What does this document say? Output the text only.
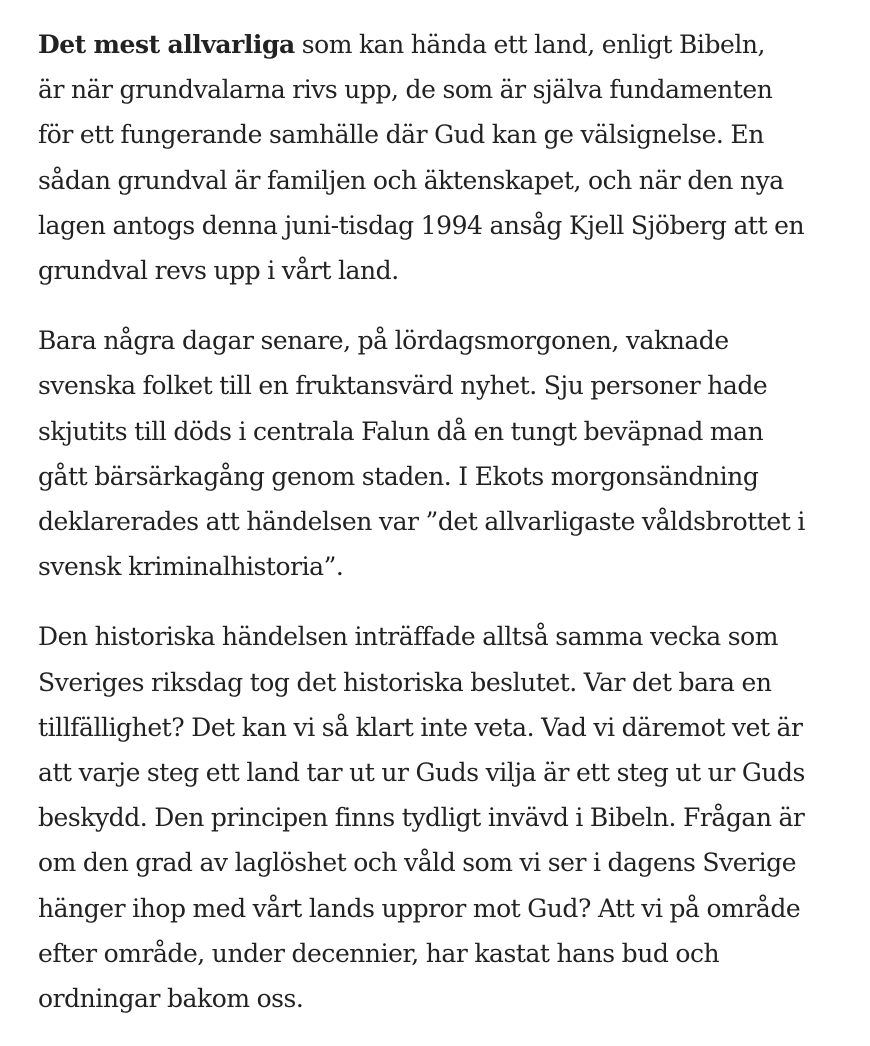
Det mest allvarliga som kan hända ett land, enligt Bibeln,
är när grundvalarna rivs upp, de som är själva fundamenten
för ett fungerande samhälle där Gud kan ge välsignelse. En
sådan grundval är familjen och äktenskapet, och när den nya
lagen antogs denna juni-tisdag 1994 ansåg Kjell Sjöberg att en
grundval revs upp i vårt land.

Bara några dagar senare, på lördagsmorgonen, vaknade
svenska folket till en fruktansvärd nyhet. Sju personer hade
skjutits till döds i centrala Falun då en tungt beväpnad man
gått bärsärkagång genom staden. I Ekots morgonsändning
deklarerades att händelsen var ”det allvarligaste våldsbrottet i
svensk kriminalhistoria”.

Den historiska händelsen inträffade alltså samma vecka som
Sveriges riksdag tog det historiska beslutet. Var det bara en
tillfällighet? Det kan vi så klart inte veta. Vad vi däremot vet är
att varje steg ett land tar ut ur Guds vilja är ett steg ut ur Guds
beskydd. Den principen finns tydligt invävd i Bibeln. Frågan är
om den grad av laglöshet och våld som vi ser i dagens Sverige
hänger ihop med vårt lands uppror mot Gud? Att vi på område
efter område, under decennier, har kastat hans bud och
ordningar bakom oss.
